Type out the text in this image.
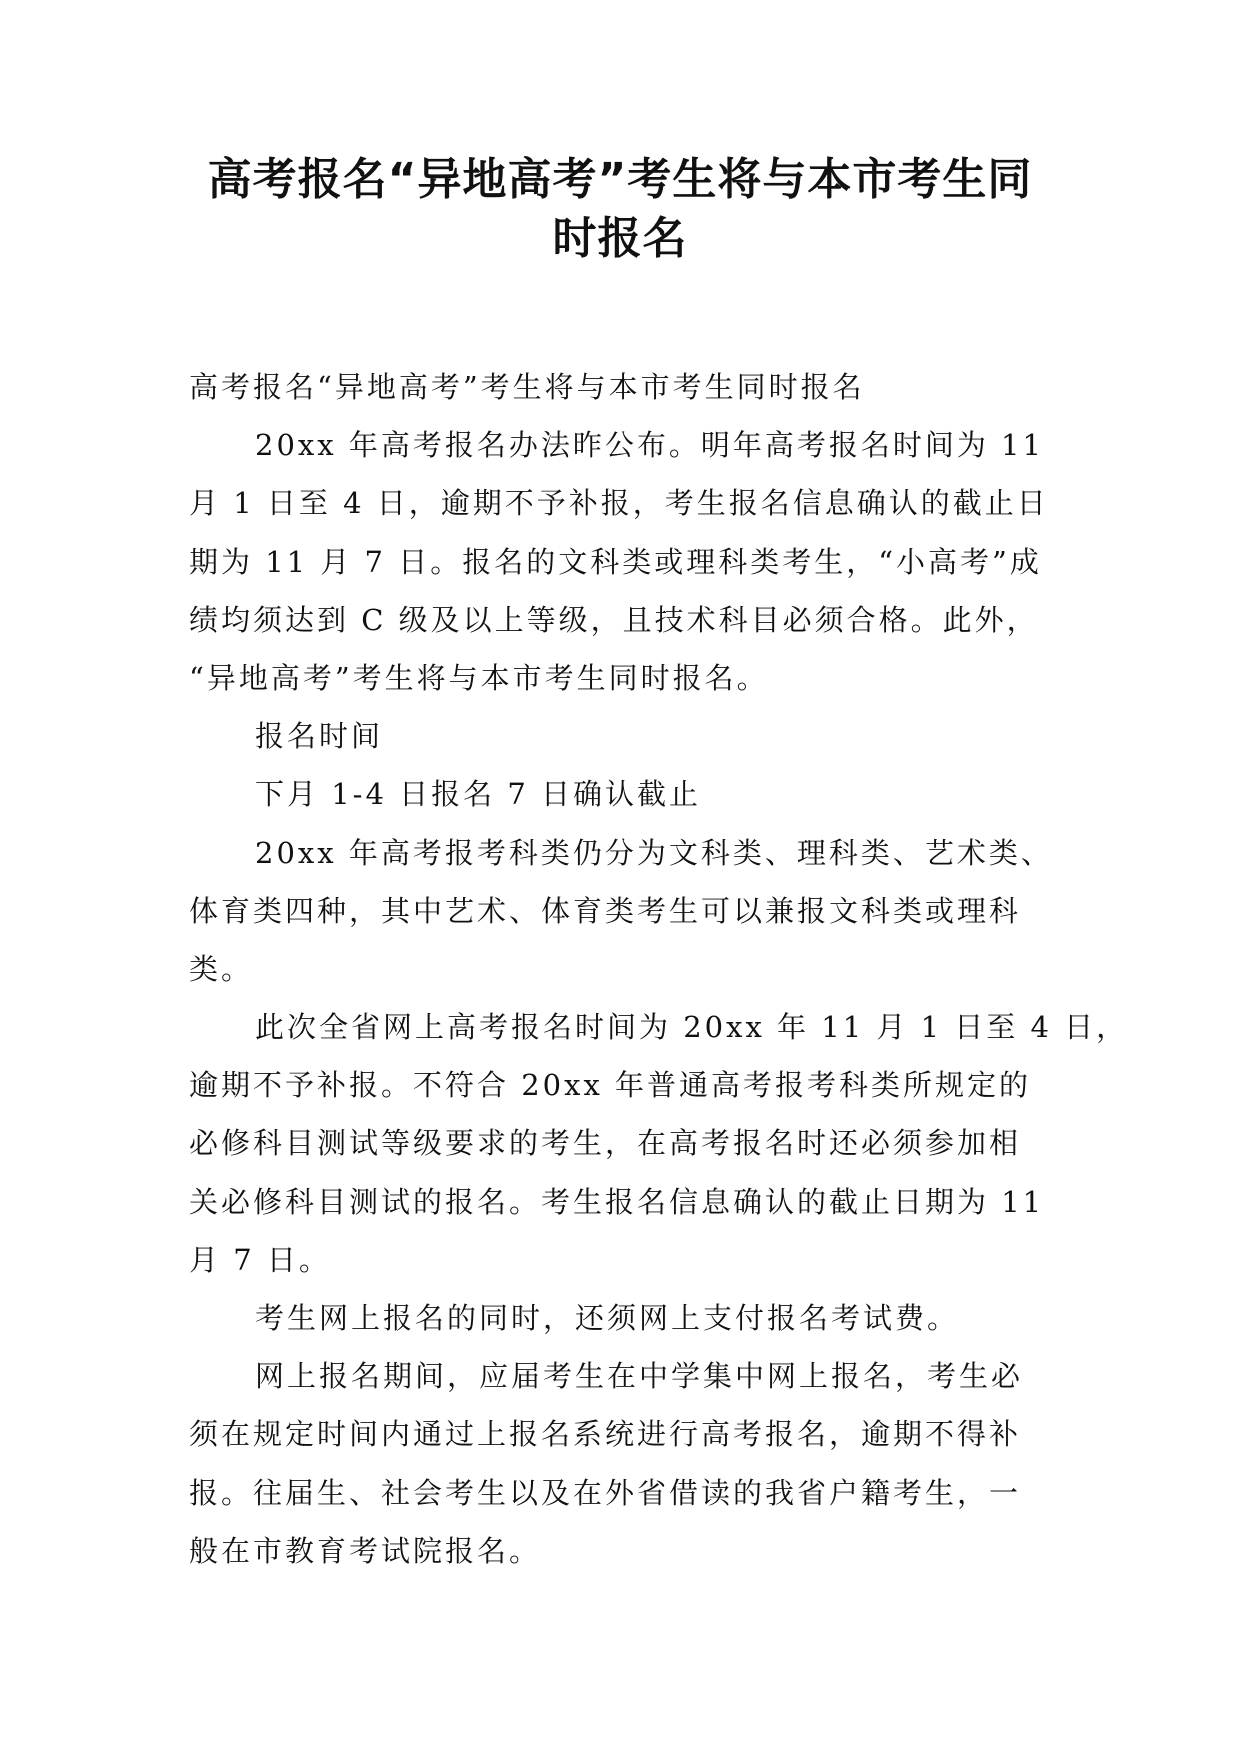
高考报名“异地高考”考生将与本市考生同
时报名
高考报名“异地高考”考生将与本市考生同时报名
20xx 年高考报名办法昨公布。明年高考报名时间为 11
月 1 日至 4 日，逾期不予补报，考生报名信息确认的截止日
期为 11 月 7 日。报名的文科类或理科类考生，“小高考”成
绩均须达到 C 级及以上等级，且技术科目必须合格。此外，
“异地高考”考生将与本市考生同时报名。
报名时间
下月 1-4 日报名 7 日确认截止
20xx 年高考报考科类仍分为文科类、理科类、艺术类、
体育类四种，其中艺术、体育类考生可以兼报文科类或理科
类。
此次全省网上高考报名时间为 20xx 年 11 月 1 日至 4 日，
逾期不予补报。不符合 20xx 年普通高考报考科类所规定的
必修科目测试等级要求的考生，在高考报名时还必须参加相
关必修科目测试的报名。考生报名信息确认的截止日期为 11
月 7 日。
考生网上报名的同时，还须网上支付报名考试费。
网上报名期间，应届考生在中学集中网上报名，考生必
须在规定时间内通过上报名系统进行高考报名，逾期不得补
报。往届生、社会考生以及在外省借读的我省户籍考生，一
般在市教育考试院报名。
